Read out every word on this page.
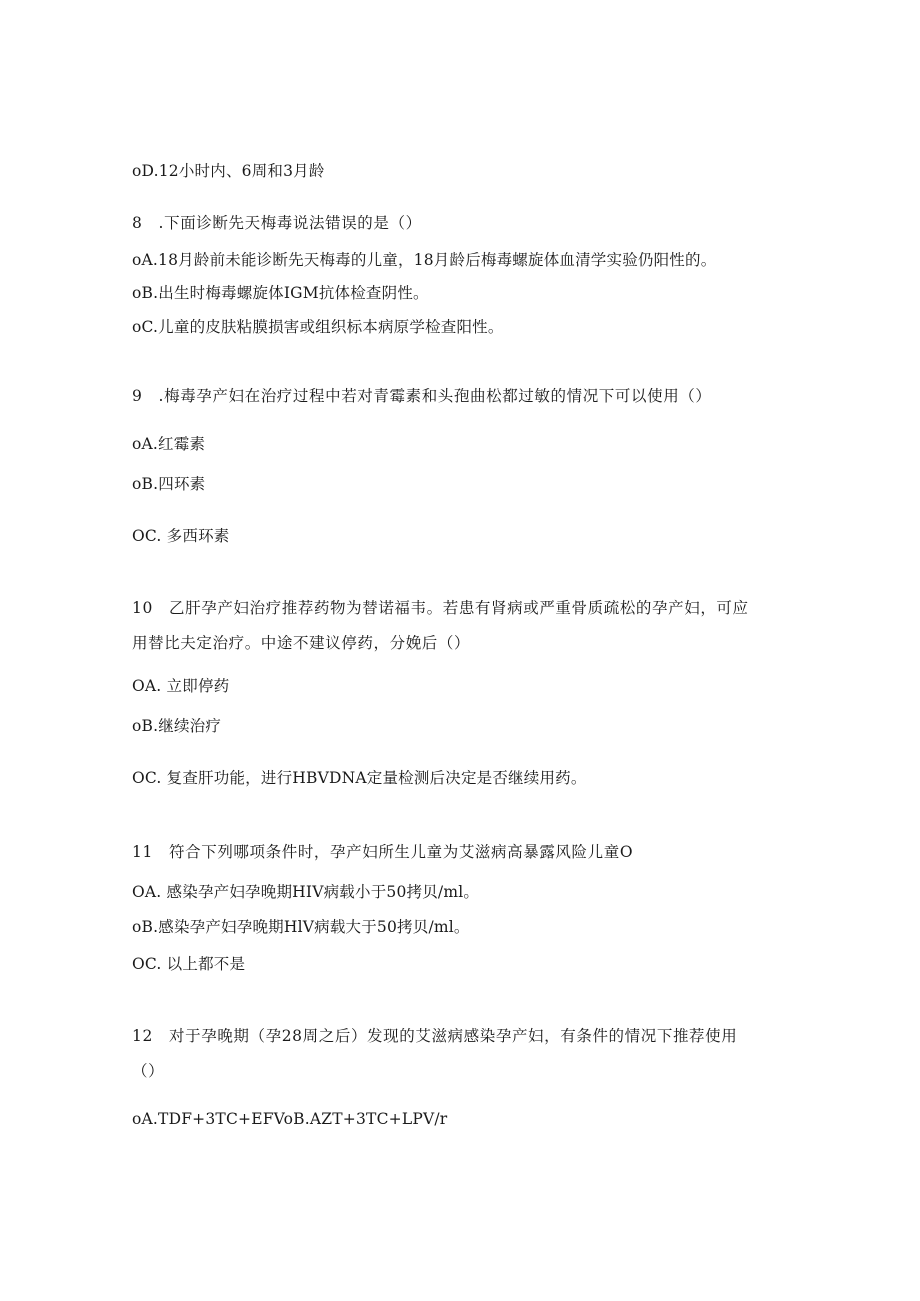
oD.12小时内、6周和3月龄
8　.下面诊断先天梅毒说法错误的是（）
oA.18月龄前未能诊断先天梅毒的儿童，18月龄后梅毒螺旋体血清学实验仍阳性的。
oB.出生时梅毒螺旋体IGM抗体检查阴性。
oC.儿童的皮肤粘膜损害或组织标本病原学检查阳性。
9　.梅毒孕产妇在治疗过程中若对青霉素和头孢曲松都过敏的情况下可以使用（）
oA.红霉素
oB.四环素
OC. 多西环素
10　乙肝孕产妇治疗推荐药物为替诺福韦。若患有肾病或严重骨质疏松的孕产妇，可应
用替比夫定治疗。中途不建议停药，分娩后（）
OA. 立即停药
oB.继续治疗
OC. 复查肝功能，进行HBVDNA定量检测后决定是否继续用药。
11　符合下列哪项条件时，孕产妇所生儿童为艾滋病高暴露风险儿童O
OA. 感染孕产妇孕晚期HIV病载小于50拷贝/ml。
oB.感染孕产妇孕晚期HlV病载大于50拷贝/ml。
OC. 以上都不是
12　对于孕晚期（孕28周之后）发现的艾滋病感染孕产妇，有条件的情况下推荐使用
（）
oA.TDF+3TC+EFVoB.AZT+3TC+LPV/r
